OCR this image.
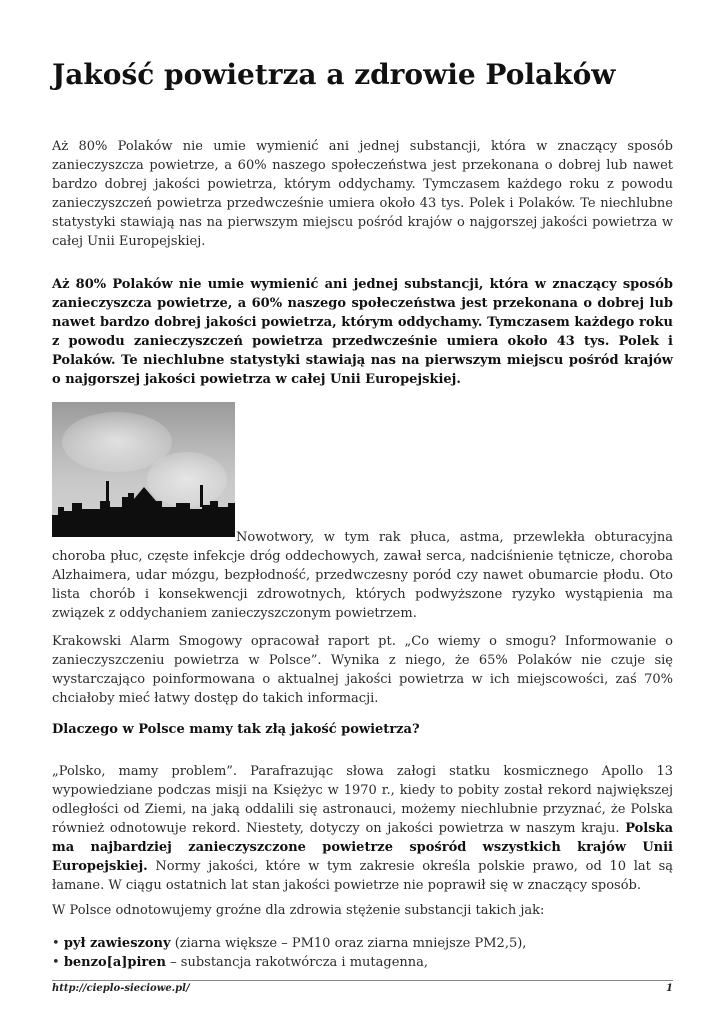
Jakość powietrza a zdrowie Polaków

Aż 80% Polaków nie umie wymienić ani jednej substancji, która w znaczący sposób zanieczyszcza powietrze, a 60% naszego społeczeństwa jest przekonana o dobrej lub nawet bardzo dobrej jakości powietrza, którym oddychamy. Tymczasem każdego roku z powodu zanieczyszczeń powietrza przedwcześnie umiera około 43 tys. Polek i Polaków. Te niechlubne statystyki stawiają nas na pierwszym miejscu pośród krajów o najgorszej jakości powietrza w całej Unii Europejskiej.

Aż 80% Polaków nie umie wymienić ani jednej substancji, która w znaczący sposób zanieczyszcza powietrze, a 60% naszego społeczeństwa jest przekonana o dobrej lub nawet bardzo dobrej jakości powietrza, którym oddychamy. Tymczasem każdego roku z powodu zanieczyszczeń powietrza przedwcześnie umiera około 43 tys. Polek i Polaków. Te niechlubne statystyki stawiają nas na pierwszym miejscu pośród krajów o najgorszej jakości powietrza w całej Unii Europejskiej.

Nowotwory, w tym rak płuca, astma, przewlekła obturacyjna choroba płuc, częste infekcje dróg oddechowych, zawał serca, nadciśnienie tętnicze, choroba Alzhaimera, udar mózgu, bezpłodność, przedwczesny poród czy nawet obumarcie płodu. Oto lista chorób i konsekwencji zdrowotnych, których podwyższone ryzyko wystąpienia ma związek z oddychaniem zanieczyszczonym powietrzem.

Krakowski Alarm Smogowy opracował raport pt. „Co wiemy o smogu? Informowanie o zanieczyszczeniu powietrza w Polsce”. Wynika z niego, że 65% Polaków nie czuje się wystarczająco poinformowana o aktualnej jakości powietrza w ich miejscowości, zaś 70% chciałoby mieć łatwy dostęp do takich informacji.

Dlaczego w Polsce mamy tak złą jakość powietrza?

„Polsko, mamy problem”. Parafrazując słowa załogi statku kosmicznego Apollo 13 wypowiedziane podczas misji na Księżyc w 1970 r., kiedy to pobity został rekord największej odległości od Ziemi, na jaką oddalili się astronauci, możemy niechlubnie przyznać, że Polska również odnotowuje rekord. Niestety, dotyczy on jakości powietrza w naszym kraju. Polska ma najbardziej zanieczyszczone powietrze spośród wszystkich krajów Unii Europejskiej. Normy jakości, które w tym zakresie określa polskie prawo, od 10 lat są łamane. W ciągu ostatnich lat stan jakości powietrze nie poprawił się w znaczący sposób.

W Polsce odnotowujemy groźne dla zdrowia stężenie substancji takich jak:

• pył zawieszony (ziarna większe – PM10 oraz ziarna mniejsze PM2,5),
• benzo[a]piren – substancja rakotwórcza i mutagenna,
http://cieplo-sieciowe.pl/	1
